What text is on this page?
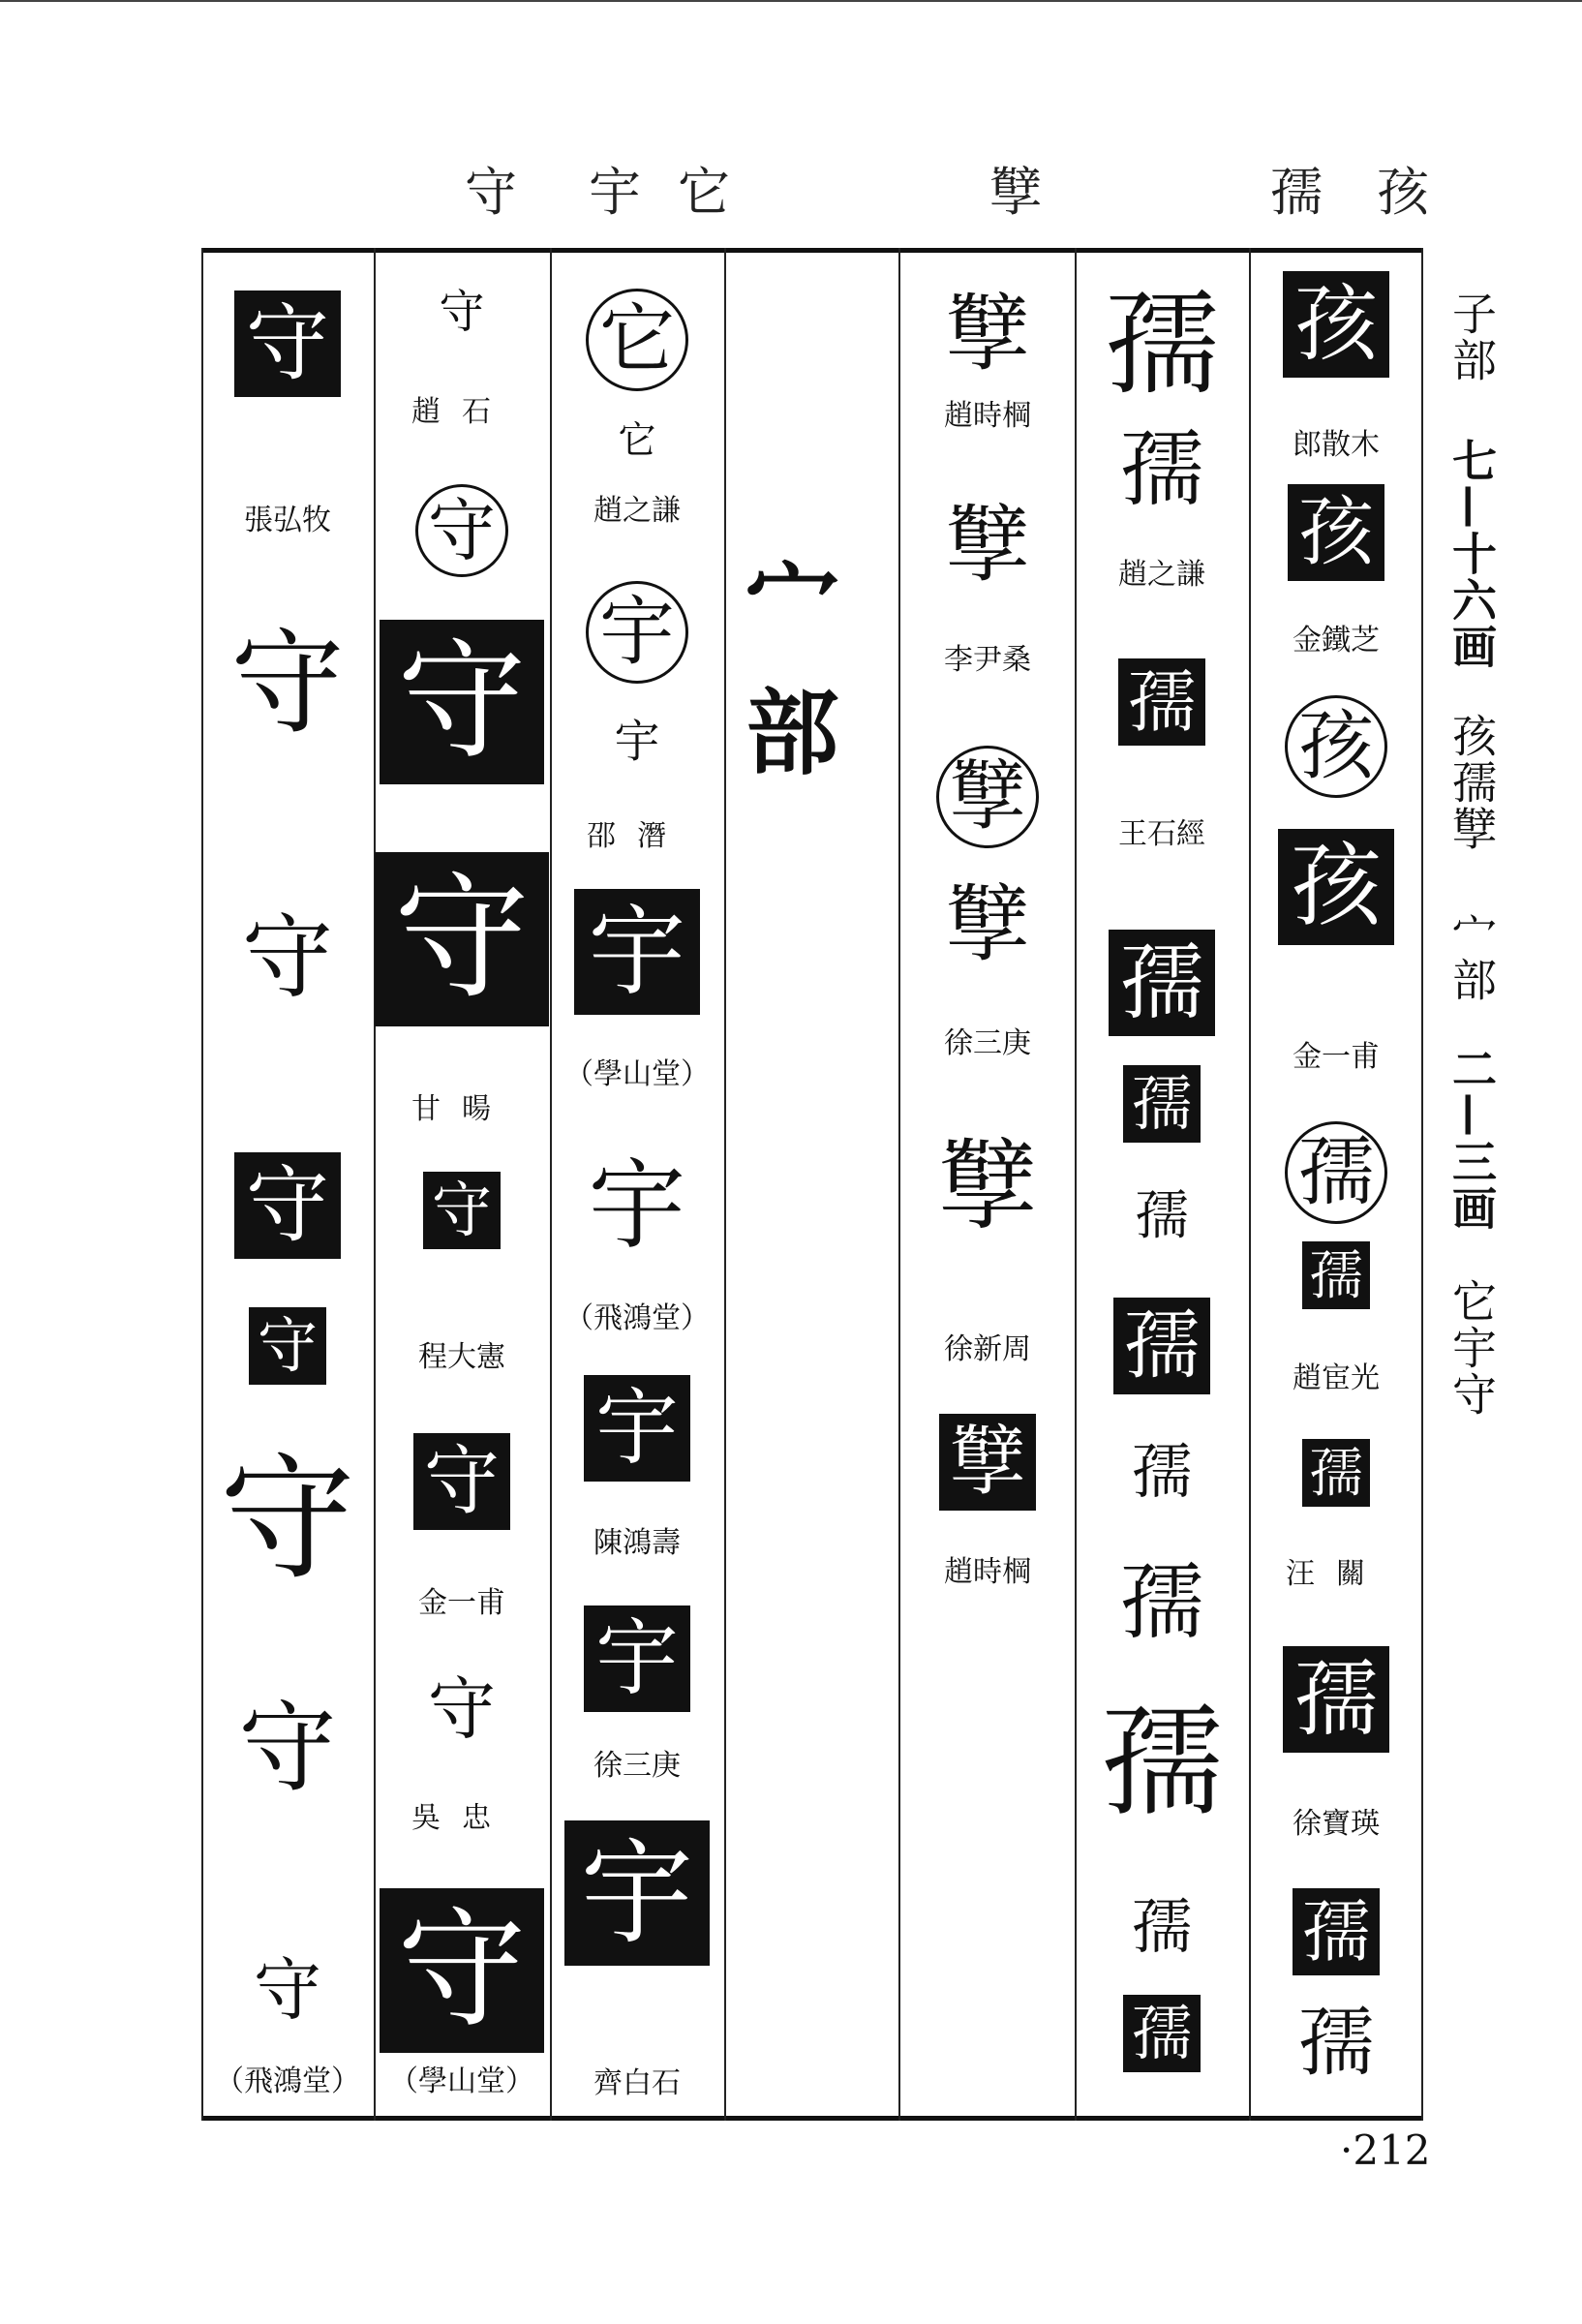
守 宇 它	孼	孺 孩
宀部
子部
七—十六画
孩孺孼
宀部
二—三画
它宇守
·212
守
守
守
守
守
守
守
守
張弘牧
（飛鴻堂）
守
守
守
守
守
守
守
守
趙石
甘暘
程大憲
金一甫
吳忠
（學山堂）
它
它
宇
宇
宇
宇
宇
宇
宇
趙之謙
邵潛
（學山堂）
（飛鴻堂）
陳鴻壽
徐三庚
齊白石
孼
孼
孼
孼
孼
孼
趙時棡
李尹桑
徐三庚
徐新周
趙時棡
孺
孺
孺
孺
孺
孺
孺
孺
孺
孺
孺
孺
趙之謙
王石經
孩
孩
孩
孩
孺
孺
孺
孺
孺
孺
郎散木
金鐵芝
金一甫
趙宦光
汪關
徐寶瑛
